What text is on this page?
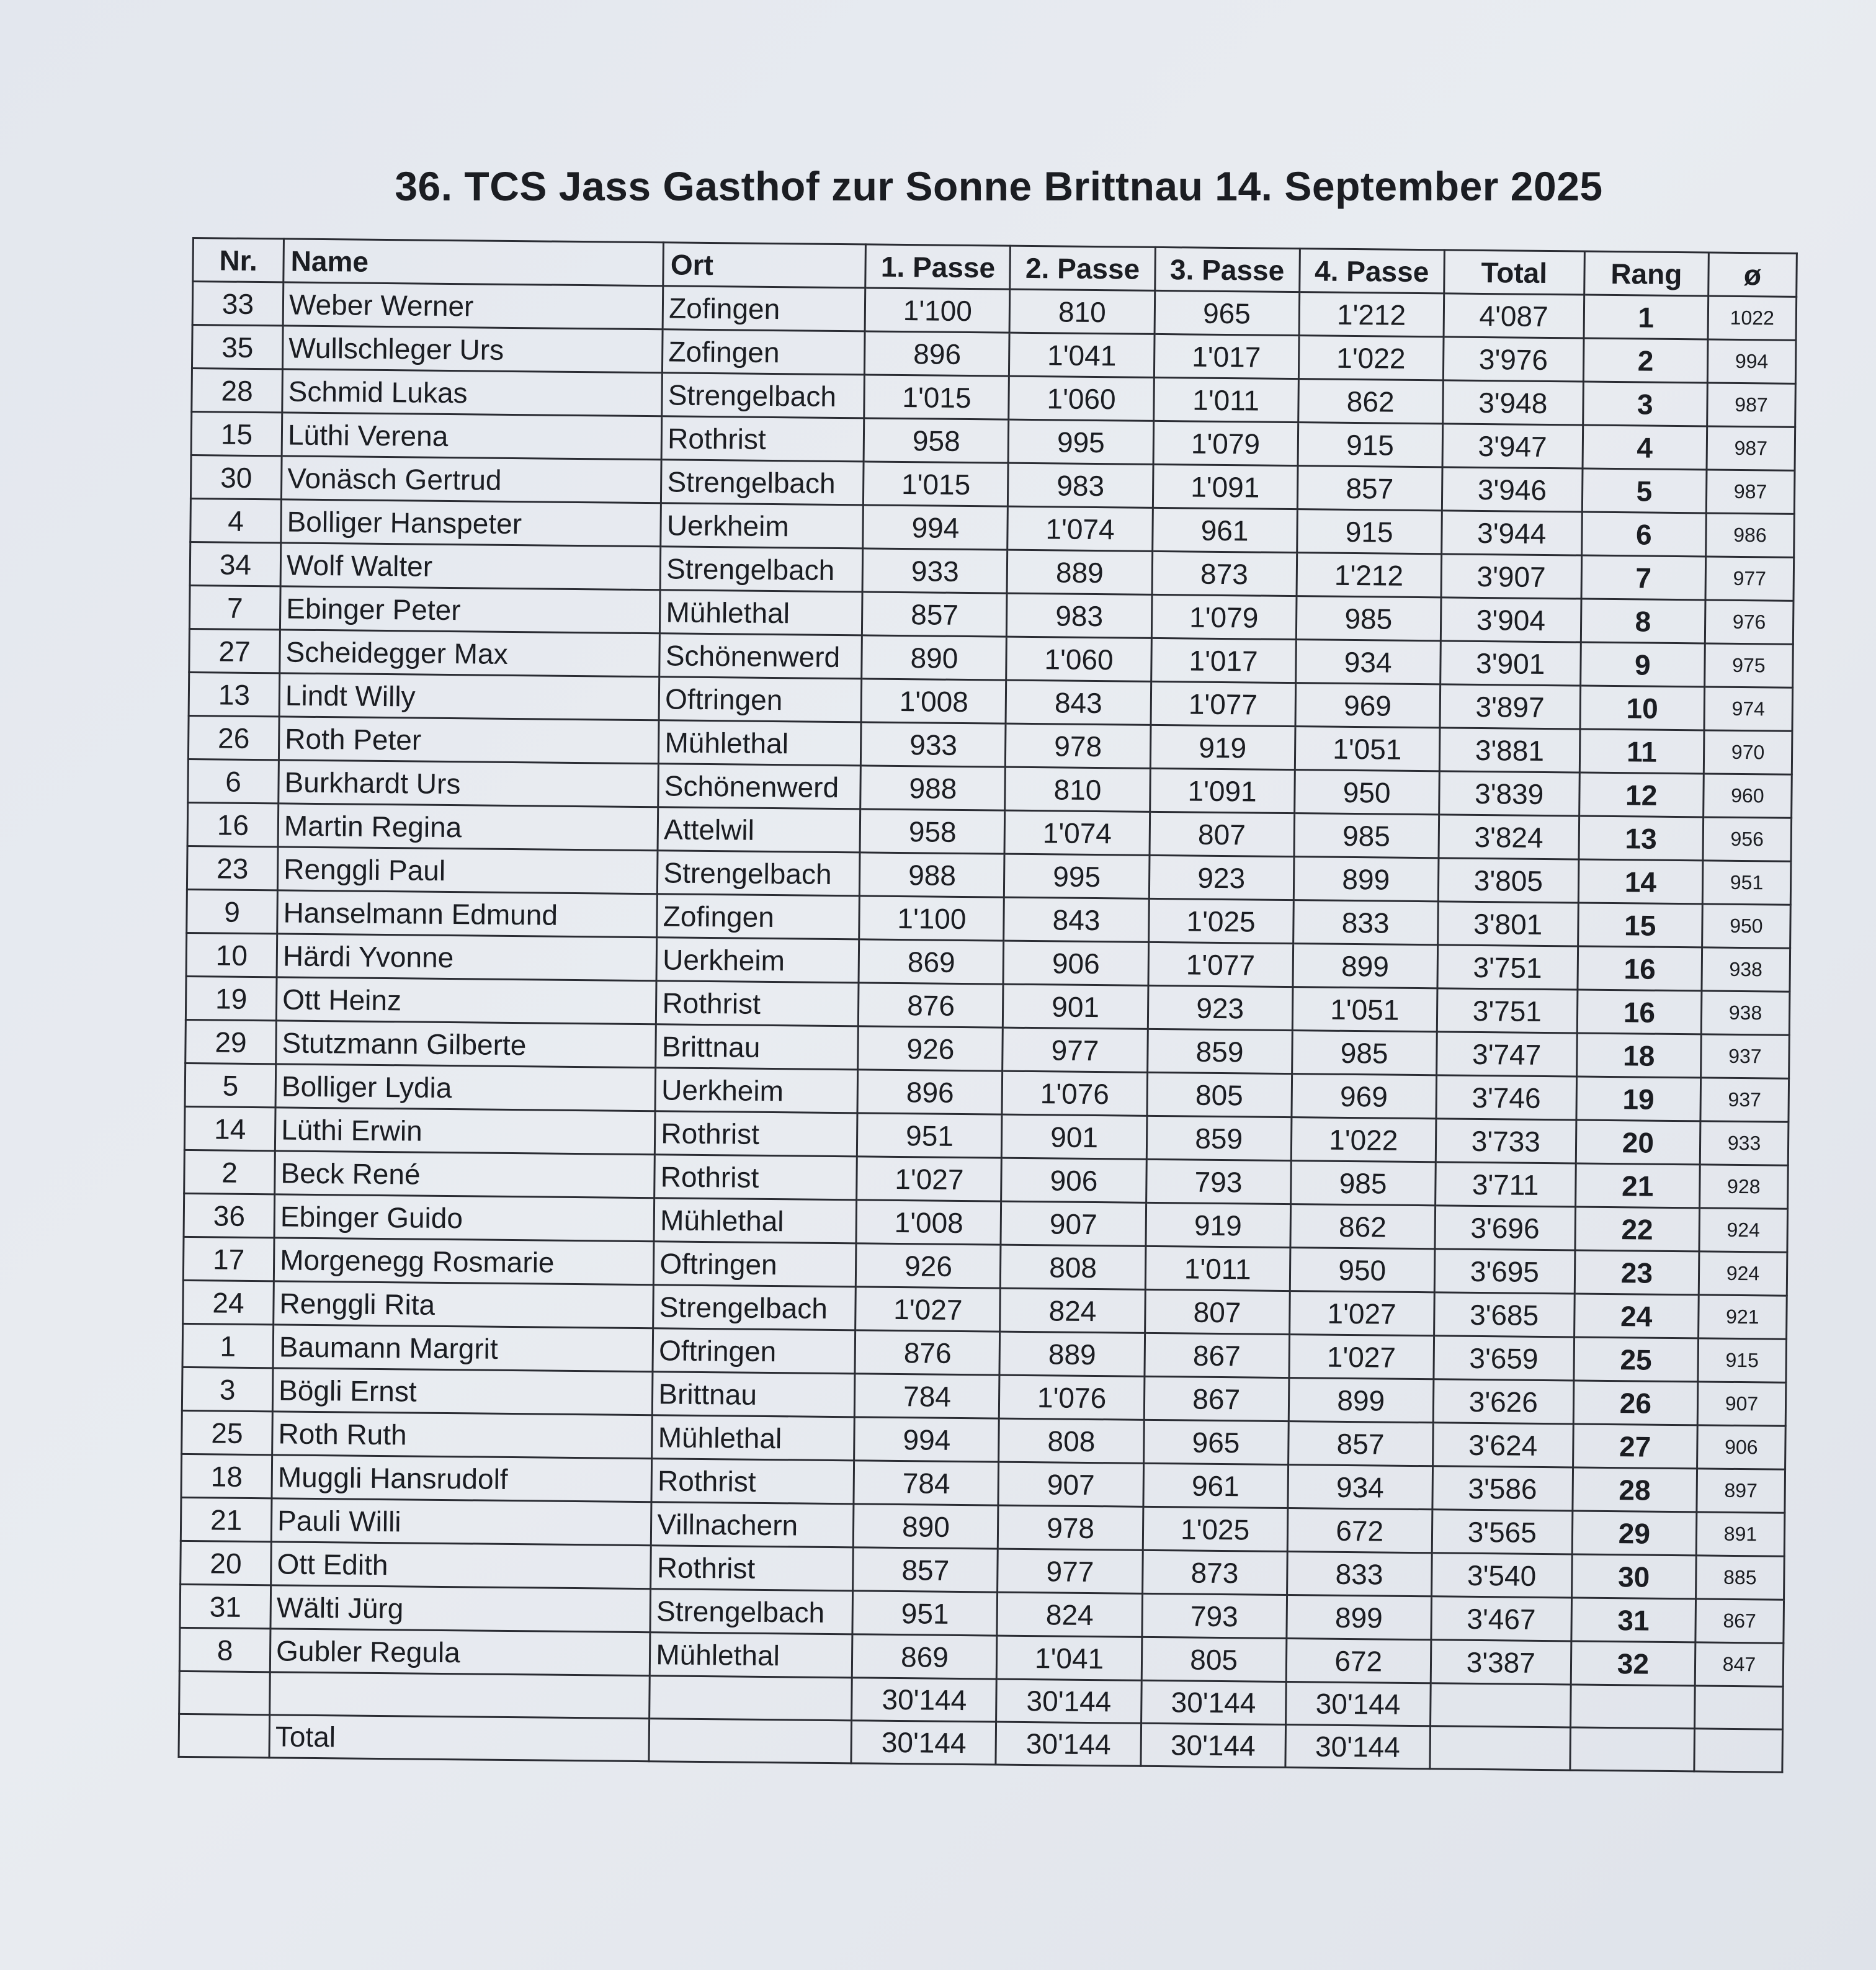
36. TCS Jass Gasthof zur Sonne Brittnau 14. September 2025
Nr.	Name	Ort	1. Passe	2. Passe	3. Passe	4. Passe	Total	Rang	ø
33	Weber Werner	Zofingen	1'100	810	965	1'212	4'087	1	1022
35	Wullschleger Urs	Zofingen	896	1'041	1'017	1'022	3'976	2	994
28	Schmid Lukas	Strengelbach	1'015	1'060	1'011	862	3'948	3	987
15	Lüthi Verena	Rothrist	958	995	1'079	915	3'947	4	987
30	Vonäsch Gertrud	Strengelbach	1'015	983	1'091	857	3'946	5	987
4	Bolliger Hanspeter	Uerkheim	994	1'074	961	915	3'944	6	986
34	Wolf Walter	Strengelbach	933	889	873	1'212	3'907	7	977
7	Ebinger Peter	Mühlethal	857	983	1'079	985	3'904	8	976
27	Scheidegger Max	Schönenwerd	890	1'060	1'017	934	3'901	9	975
13	Lindt Willy	Oftringen	1'008	843	1'077	969	3'897	10	974
26	Roth Peter	Mühlethal	933	978	919	1'051	3'881	11	970
6	Burkhardt Urs	Schönenwerd	988	810	1'091	950	3'839	12	960
16	Martin Regina	Attelwil	958	1'074	807	985	3'824	13	956
23	Renggli Paul	Strengelbach	988	995	923	899	3'805	14	951
9	Hanselmann Edmund	Zofingen	1'100	843	1'025	833	3'801	15	950
10	Härdi Yvonne	Uerkheim	869	906	1'077	899	3'751	16	938
19	Ott Heinz	Rothrist	876	901	923	1'051	3'751	16	938
29	Stutzmann Gilberte	Brittnau	926	977	859	985	3'747	18	937
5	Bolliger Lydia	Uerkheim	896	1'076	805	969	3'746	19	937
14	Lüthi Erwin	Rothrist	951	901	859	1'022	3'733	20	933
2	Beck René	Rothrist	1'027	906	793	985	3'711	21	928
36	Ebinger Guido	Mühlethal	1'008	907	919	862	3'696	22	924
17	Morgenegg Rosmarie	Oftringen	926	808	1'011	950	3'695	23	924
24	Renggli Rita	Strengelbach	1'027	824	807	1'027	3'685	24	921
1	Baumann Margrit	Oftringen	876	889	867	1'027	3'659	25	915
3	Bögli Ernst	Brittnau	784	1'076	867	899	3'626	26	907
25	Roth Ruth	Mühlethal	994	808	965	857	3'624	27	906
18	Muggli Hansrudolf	Rothrist	784	907	961	934	3'586	28	897
21	Pauli Willi	Villnachern	890	978	1'025	672	3'565	29	891
20	Ott Edith	Rothrist	857	977	873	833	3'540	30	885
31	Wälti Jürg	Strengelbach	951	824	793	899	3'467	31	867
8	Gubler Regula	Mühlethal	869	1'041	805	672	3'387	32	847
			30'144	30'144	30'144	30'144			
	Total		30'144	30'144	30'144	30'144			
